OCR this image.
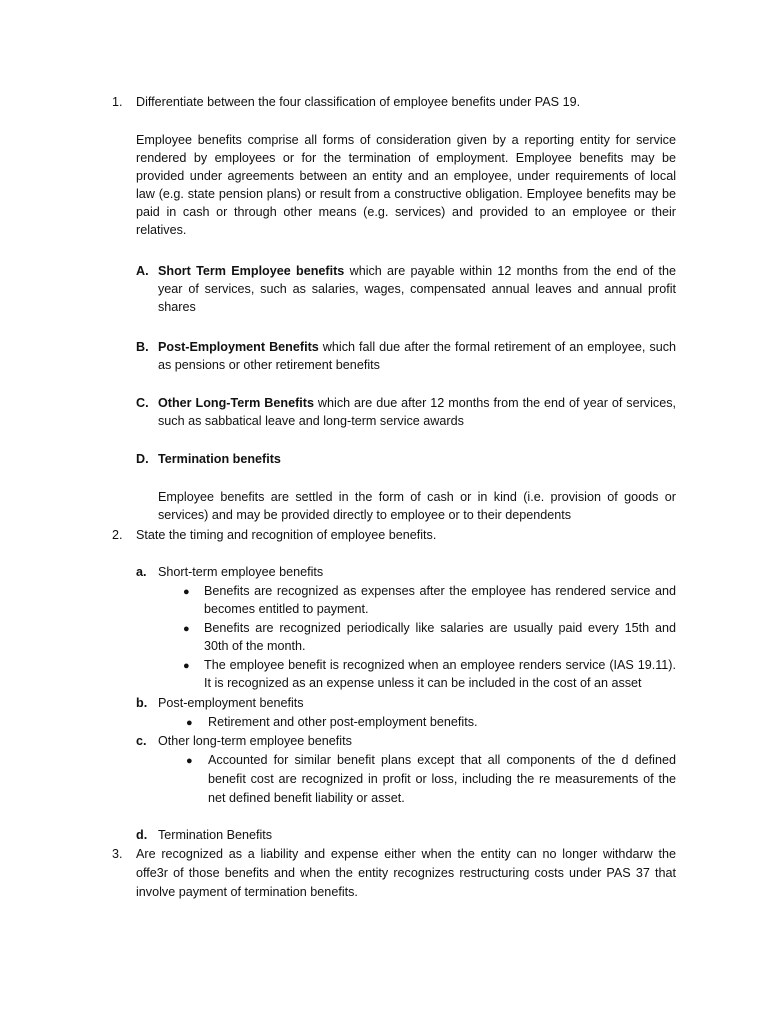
1. Differentiate between the four classification of employee benefits under PAS 19.
Employee benefits comprise all forms of consideration given by a reporting entity for service
rendered by employees or for the termination of employment. Employee benefits may be
provided under agreements between an entity and an employee, under requirements of local
law (e.g. state pension plans) or result from a constructive obligation. Employee benefits may be
paid in cash or through other means (e.g. services) and provided to an employee or their
relatives.
A. Short Term Employee benefits which are payable within 12 months from the end of the
year of services, such as salaries, wages, compensated annual leaves and annual profit
shares
B. Post-Employment Benefits which fall due after the formal retirement of an employee, such
as pensions or other retirement benefits
C. Other Long-Term Benefits which are due after 12 months from the end of year of services,
such as sabbatical leave and long-term service awards
D. Termination benefits
Employee benefits are settled in the form of cash or in kind (i.e. provision of goods or
services) and may be provided directly to employee or to their dependents
2. State the timing and recognition of employee benefits.
a. Short-term employee benefits
● Benefits are recognized as expenses after the employee has rendered service and
becomes entitled to payment.
● Benefits are recognized periodically like salaries are usually paid every 15th and
30th of the month.
● The employee benefit is recognized when an employee renders service (IAS 19.11).
It is recognized as an expense unless it can be included in the cost of an asset
b. Post-employment benefits
● Retirement and other post-employment benefits.
c. Other long-term employee benefits
● Accounted for similar benefit plans except that all components of the d defined
benefit cost are recognized in profit or loss, including the re measurements of the
net defined benefit liability or asset.
d. Termination Benefits
3. Are recognized as a liability and expense either when the entity can no longer withdarw the
offe3r of those benefits and when the entity recognizes restructuring costs under PAS 37 that
involve payment of termination benefits.
